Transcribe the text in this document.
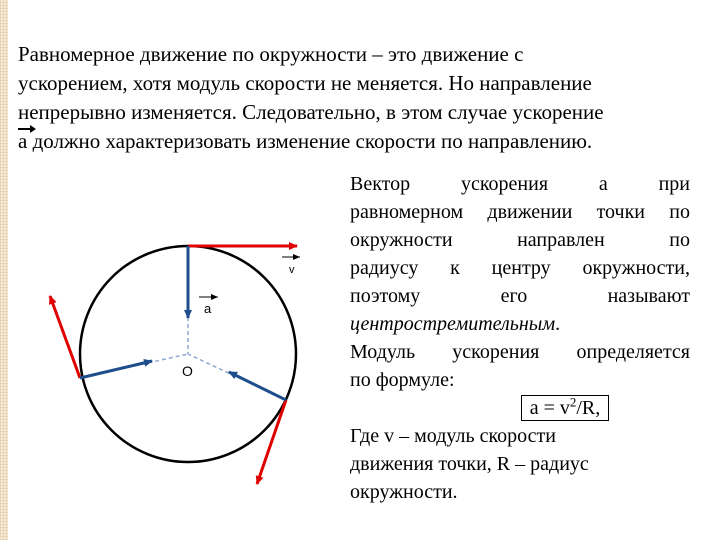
Равномерное движение по окружности – это движение с
ускорением, хотя модуль скорости не меняется. Но направление
непрерывно изменяется. Следовательно, в этом случае ускорение
а должно характеризовать изменение скорости по направлению.

v
a
O
Вектор ускорения а при
равномерном движении точки по
окружности направлен по
радиусу к центру окружности,
поэтому его называют
центростремительным.
Модуль ускорения определяется
по формуле:
$a = v^2/R$,
Где v – модуль скорости
движения точки, R – радиус
окружности.
